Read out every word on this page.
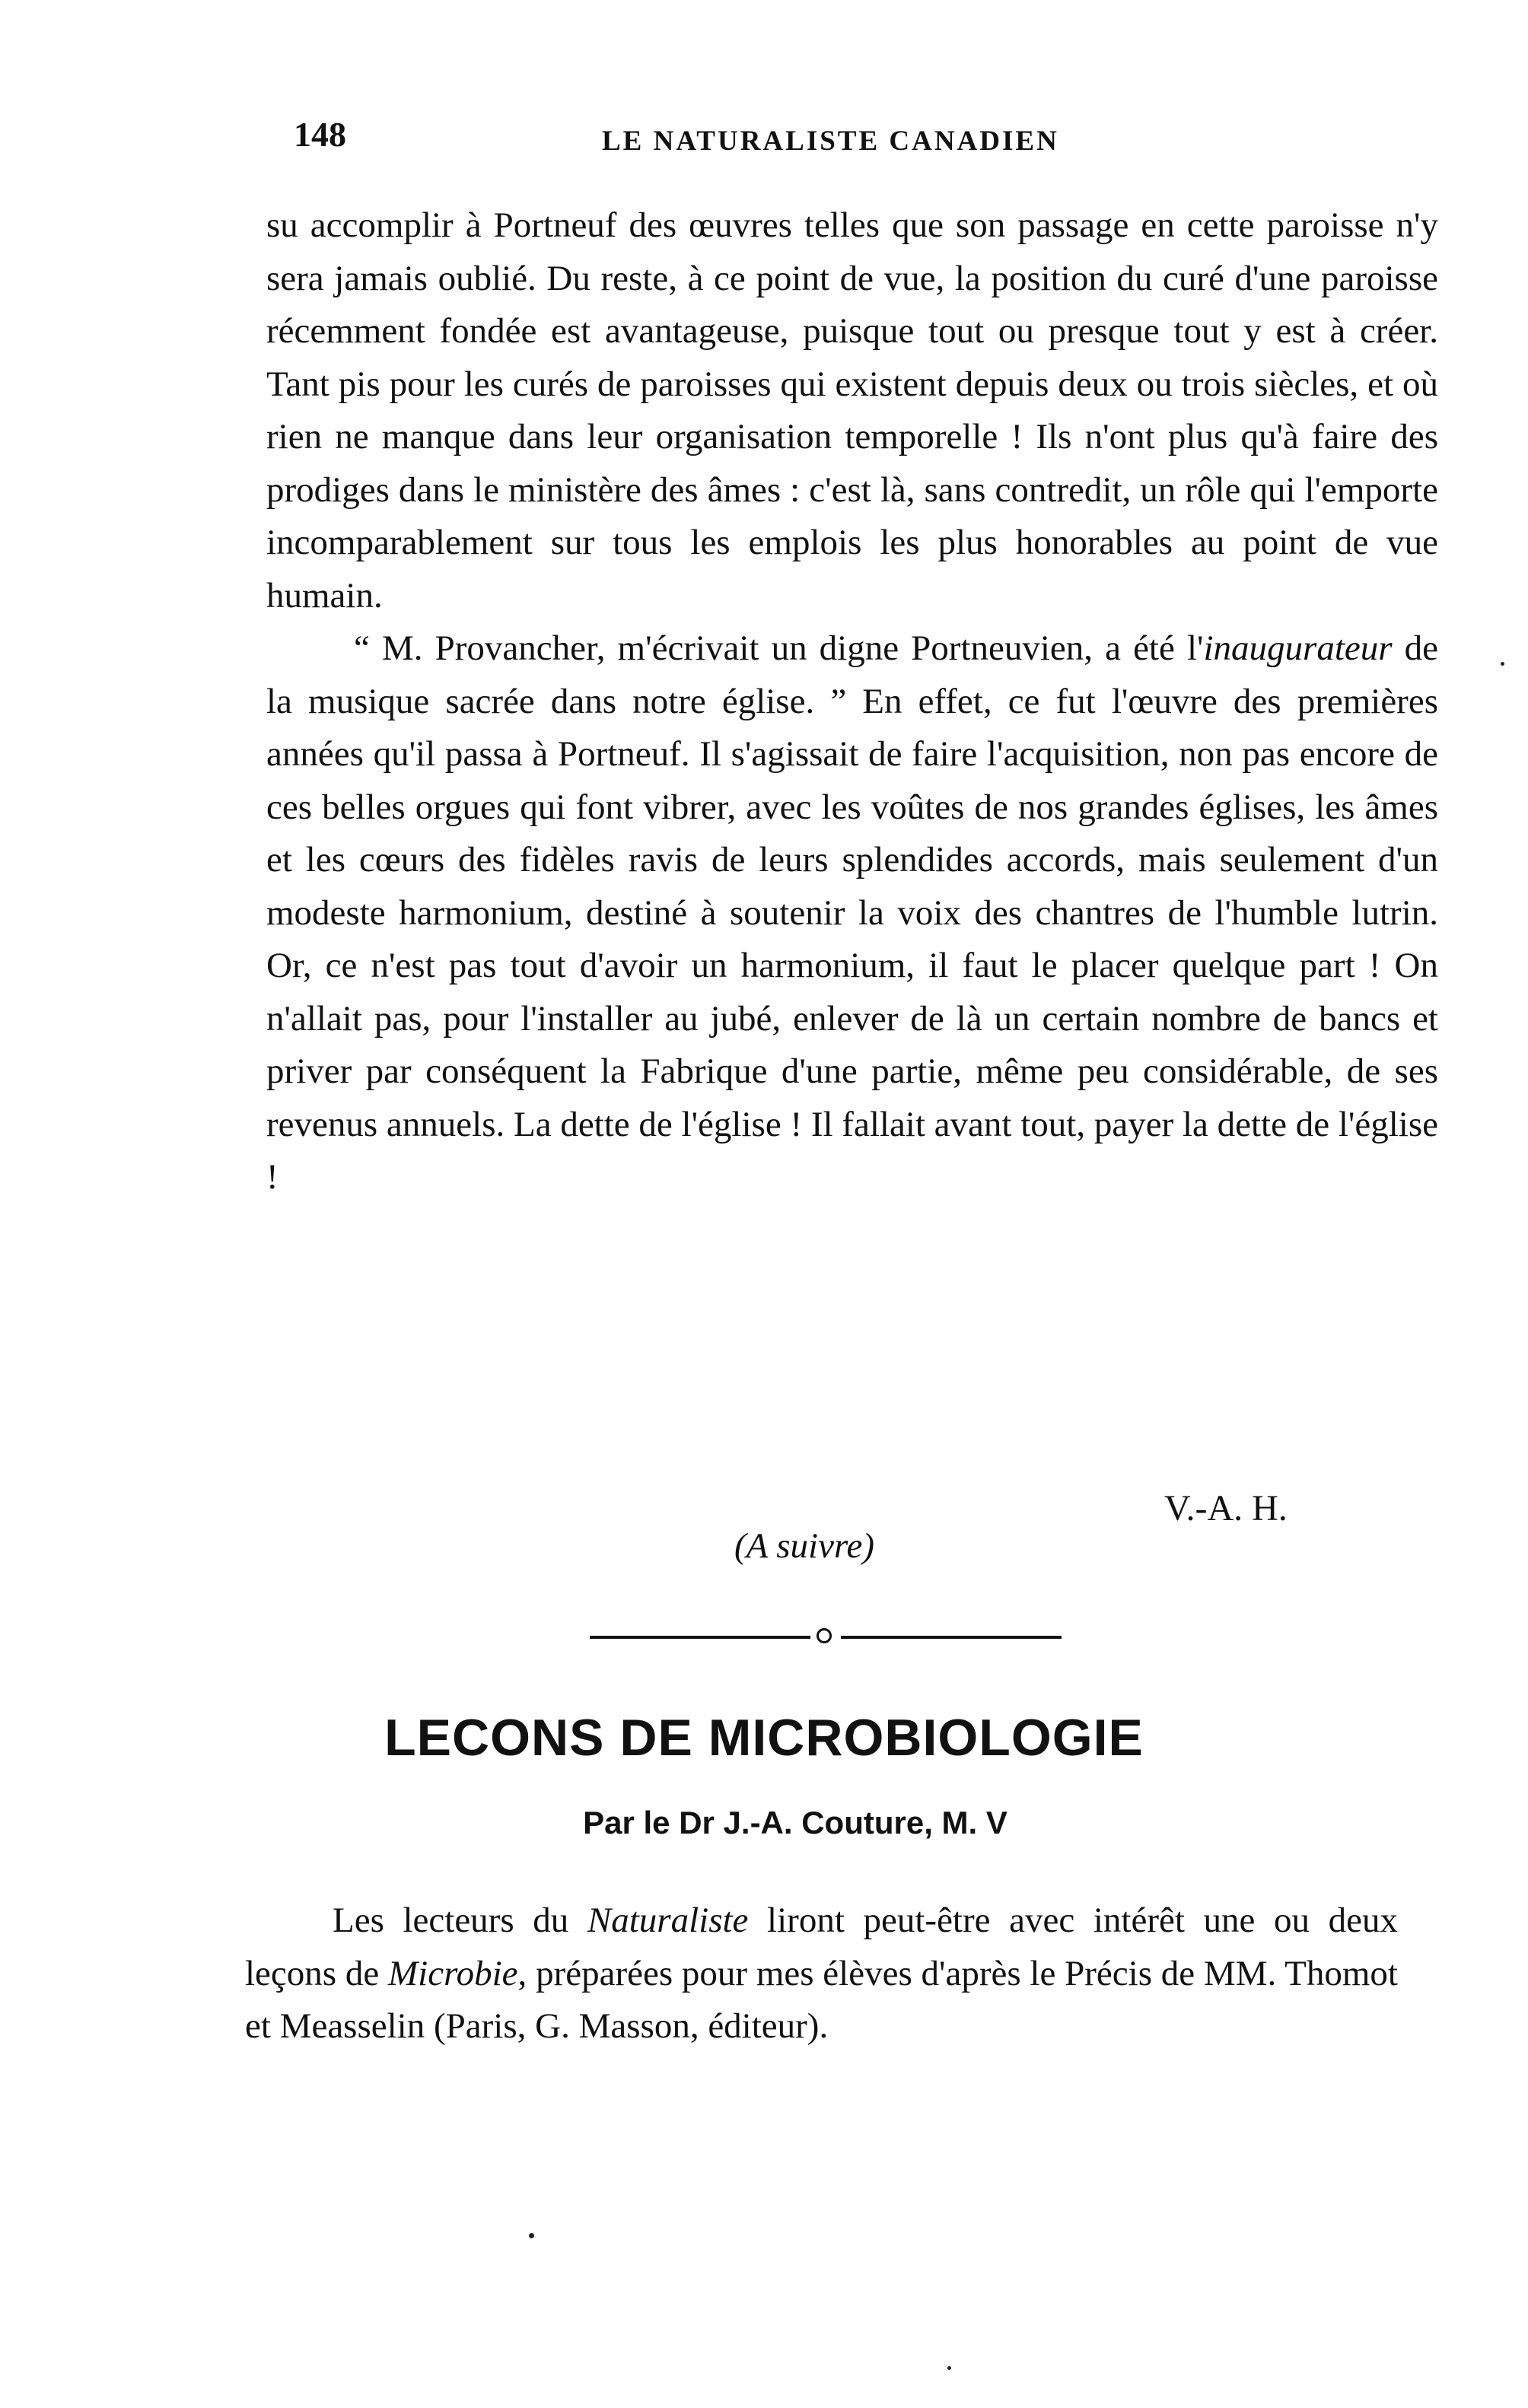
148	LE NATURALISTE CANADIEN

su accomplir à Portneuf des œuvres telles que son passage en cette paroisse n'y sera jamais oublié. Du reste, à ce point de vue, la position du curé d'une paroisse récemment fondée est avantageuse, puisque tout ou presque tout y est à créer. Tant pis pour les curés de paroisses qui existent depuis deux ou trois siècles, et où rien ne manque dans leur organisation temporelle ! Ils n'ont plus qu'à faire des prodiges dans le ministère des âmes : c'est là, sans contredit, un rôle qui l'emporte incomparablement sur tous les emplois les plus honorables au point de vue humain.

“ M. Provancher, m'écrivait un digne Portneuvien, a été l'inaugurateur de la musique sacrée dans notre église. ” En effet, ce fut l'œuvre des premières années qu'il passa à Portneuf. Il s'agissait de faire l'acquisition, non pas encore de ces belles orgues qui font vibrer, avec les voûtes de nos grandes églises, les âmes et les cœurs des fidèles ravis de leurs splendides accords, mais seulement d'un modeste harmonium, destiné à soutenir la voix des chantres de l'humble lutrin. Or, ce n'est pas tout d'avoir un harmonium, il faut le placer quelque part ! On n'allait pas, pour l'installer au jubé, enlever de là un certain nombre de bancs et priver par conséquent la Fabrique d'une partie, même peu considérable, de ses revenus annuels. La dette de l'église ! Il fallait avant tout, payer la dette de l'église !

V.-A. H.
(A suivre)
LECONS DE MICROBIOLOGIE
Par le Dr J.-A. Couture, M. V

Les lecteurs du Naturaliste liront peut-être avec intérêt une ou deux leçons de Microbie, préparées pour mes élèves d'après le Précis de MM. Thomot et Measselin (Paris, G. Masson, éditeur).
